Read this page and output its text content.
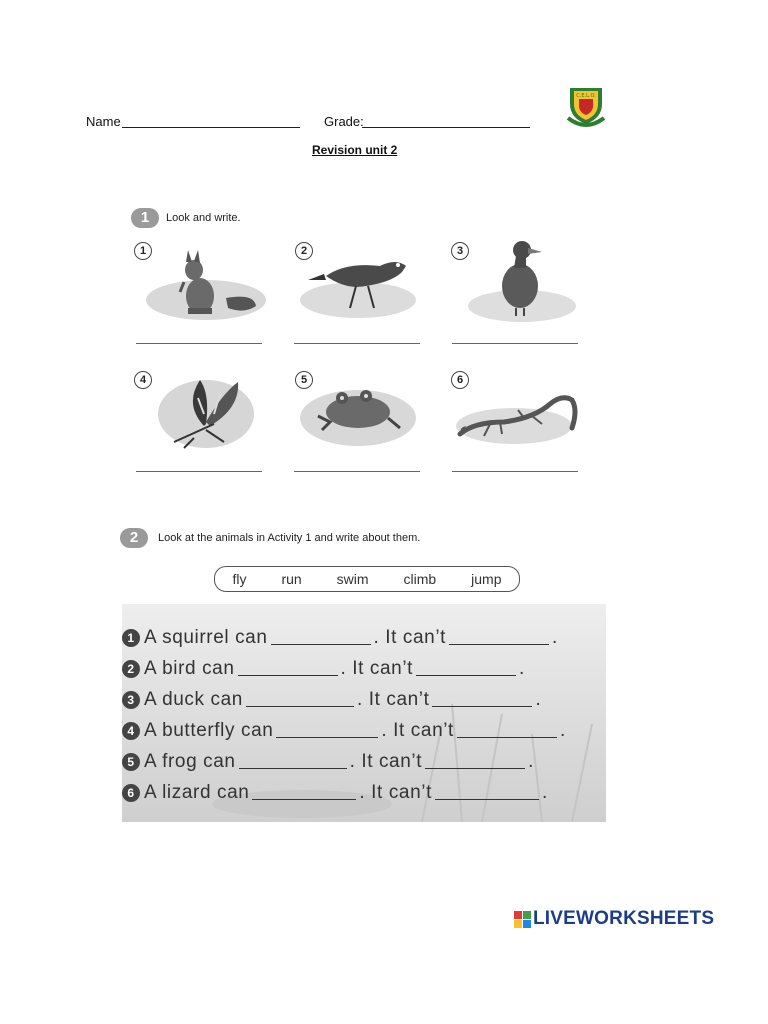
Name	Grade:
C.E.L.O.
Revision unit 2
1	Look and write.
1	2	3
4	5	6
2	Look at the animals in Activity 1 and write about them.
fly run swim climb jump
1 A squirrel can	. It can’t	.
2 A bird can	. It can’t	.
3 A duck can	. It can’t	.
4 A butterfly can	. It can’t	.
5 A frog can	. It can’t	.
6 A lizard can	. It can’t	.
LIVEWORKSHEETS
